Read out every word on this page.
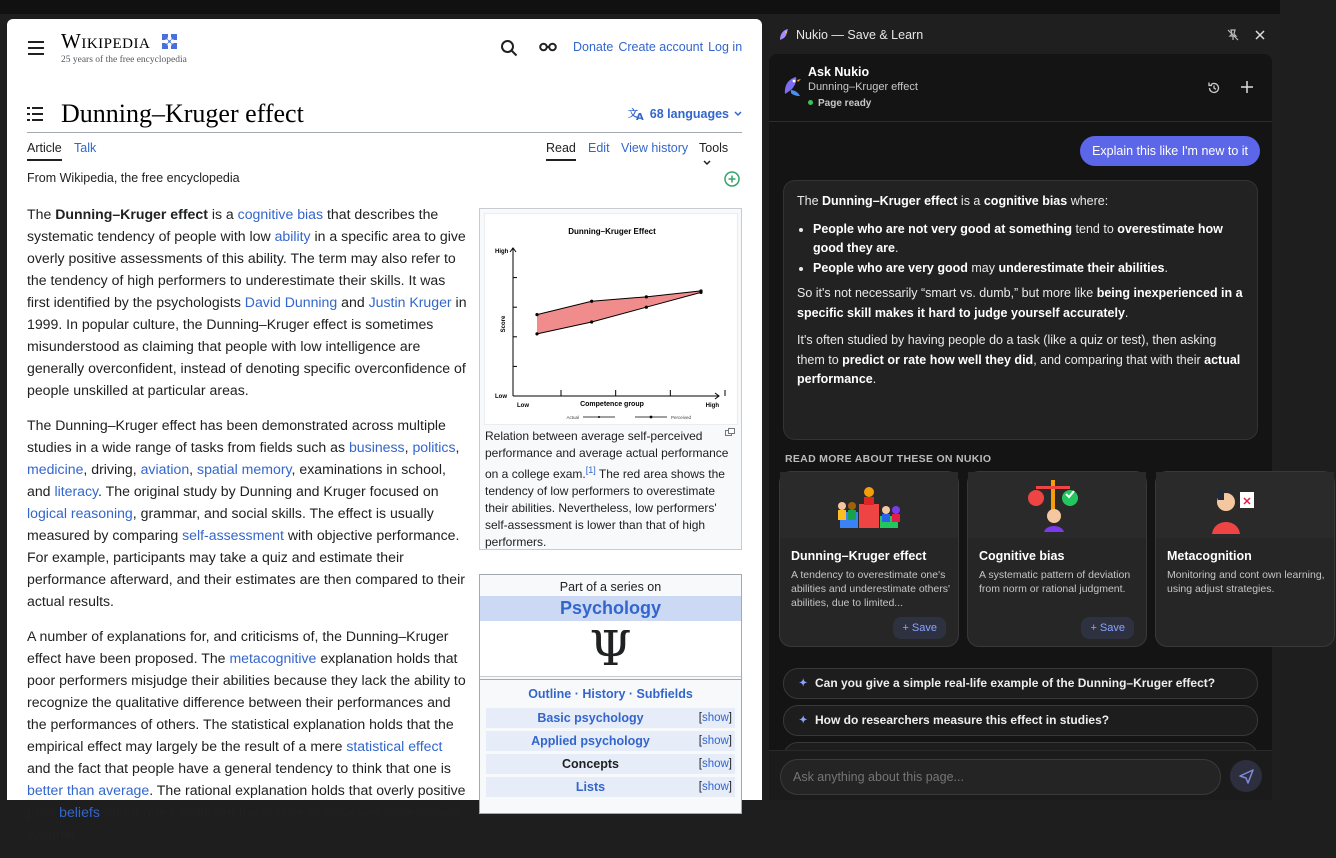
Wikipedia
25 years of the free encyclopedia
Donate Create account Log in
Dunning–Kruger effect	文
A 68 languages
Article Talk	Read Edit View history Tools
From Wikipedia, the free encyclopedia

The Dunning–Kruger effect is a cognitive bias that describes the systematic tendency of people with low ability in a specific area to give overly positive assessments of this ability. The term may also refer to the tendency of high performers to underestimate their skills. It was first identified by the psychologists David Dunning and Justin Kruger in 1999. In popular culture, the Dunning–Kruger effect is sometimes misunderstood as claiming that people with low intelligence are generally overconfident, instead of denoting specific overconfidence of people unskilled at particular areas.

The Dunning–Kruger effect has been demonstrated across multiple studies in a wide range of tasks from fields such as business, politics, medicine, driving, aviation, spatial memory, examinations in school, and literacy. The original study by Dunning and Kruger focused on logical reasoning, grammar, and social skills. The effect is usually measured by comparing self-assessment with objective performance. For example, participants may take a quiz and estimate their performance afterward, and their estimates are then compared to their actual results.

A number of explanations for, and criticisms of, the Dunning–Kruger effect have been proposed. The metacognitive explanation holds that poor performers misjudge their abilities because they lack the ability to recognize the qualitative difference between their performances and the performances of others. The statistical explanation holds that the empirical effect may largely be the result of a mere statistical effect and the fact that people have a general tendency to think that one is better than average. The rational explanation holds that overly positive prior beliefs about one's skills are the source of false self-assessment. Another

Dunning–Kruger Effect
Low
High
Low	High
Competence group
Score
Actual	Perceived
Relation between average self-perceived performance and average actual performance on a college exam.[1] The red area shows the tendency of low performers to overestimate their abilities. Nevertheless, low performers' self-assessment is lower than that of high performers.
Part of a series on
Psychology
Ψ
Outline · History · Subfields
Basic psychology	[show]
Applied psychology	[show]
Concepts	[show]
Lists	[show]
Nukio — Save & Learn
Ask Nukio
Dunning–Kruger effect
Page ready
Explain this like I'm new to it

The Dunning–Kruger effect is a cognitive bias where:

• People who are not very good at something tend to overestimate how good they are.
• People who are very good may underestimate their abilities.

So it's not necessarily “smart vs. dumb,” but more like being inexperienced in a specific skill makes it hard to judge yourself accurately.

It's often studied by having people do a task (like a quiz or test), then asking them to predict or rate how well they did, and comparing that with their actual performance.

READ MORE ABOUT THESE ON NUKIO
Dunning–Kruger effect
A tendency to overestimate one's abilities and underestimate others' abilities, due to limited...
+ Save
Cognitive bias
A systematic pattern of deviation from norm or rational judgment.
+ Save
Metacognition
Monitoring and cont own learning, using adjust strategies.
✦ Can you give a simple real-life example of the Dunning–Kruger effect?
✦ How do researchers measure this effect in studies?
Ask anything about this page...
